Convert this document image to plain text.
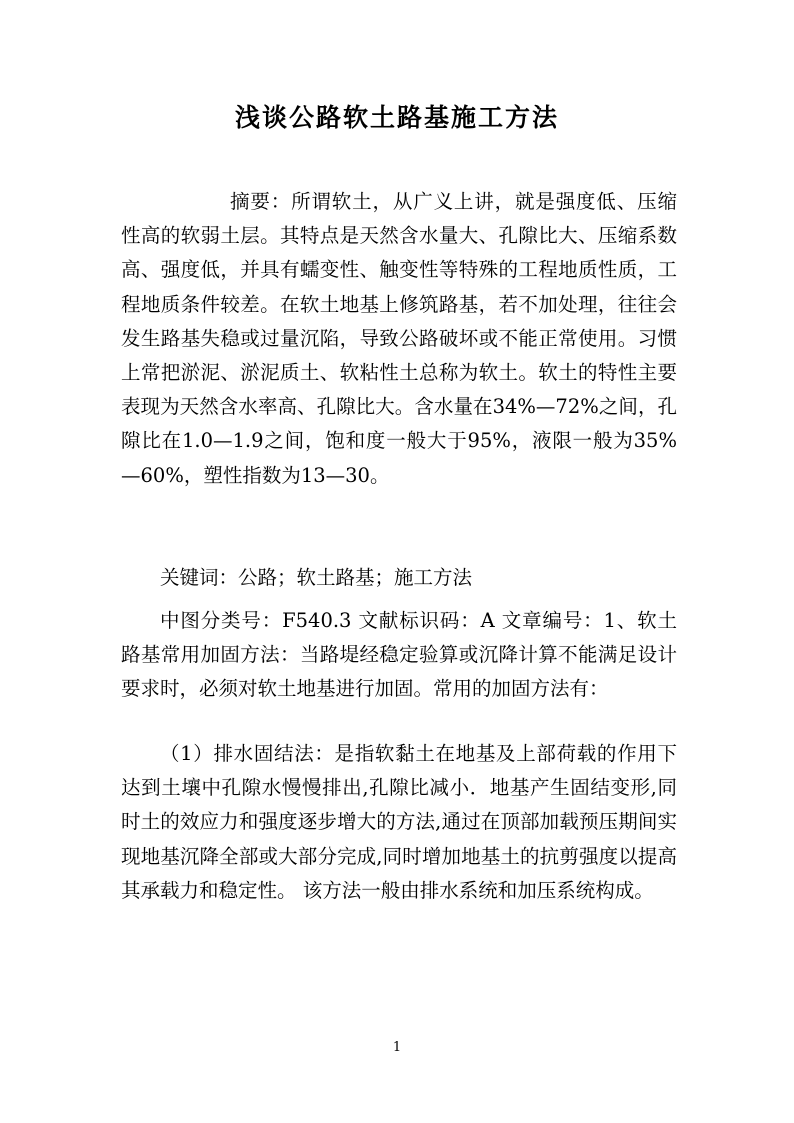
浅谈公路软土路基施工方法

摘要：所谓软土，从广义上讲，就是强度低、压缩性高的软弱土层。其特点是天然含水量大、孔隙比大、压缩系数高、强度低，并具有蠕变性、触变性等特殊的工程地质性质，工程地质条件较差。在软土地基上修筑路基，若不加处理，往往会发生路基失稳或过量沉陷，导致公路破坏或不能正常使用。习惯上常把淤泥、淤泥质土、软粘性土总称为软土。软土的特性主要表现为天然含水率高、孔隙比大。含水量在34%—72%之间，孔隙比在1.0—1.9之间，饱和度一般大于95%，液限一般为35%—60%，塑性指数为13—30。

关键词：公路；软土路基；施工方法

中图分类号：F540.3 文献标识码：A 文章编号：1、软土路基常用加固方法：当路堤经稳定验算或沉降计算不能满足设计要求时，必须对软土地基进行加固。常用的加固方法有：

（1）排水固结法：是指软黏土在地基及上部荷载的作用下达到土壤中孔隙水慢慢排出,孔隙比减小．地基产生固结变形,同时土的效应力和强度逐步增大的方法,通过在顶部加载预压期间实现地基沉降全部或大部分完成,同时增加地基土的抗剪强度以提高其承载力和稳定性。 该方法一般由排水系统和加压系统构成。

1
